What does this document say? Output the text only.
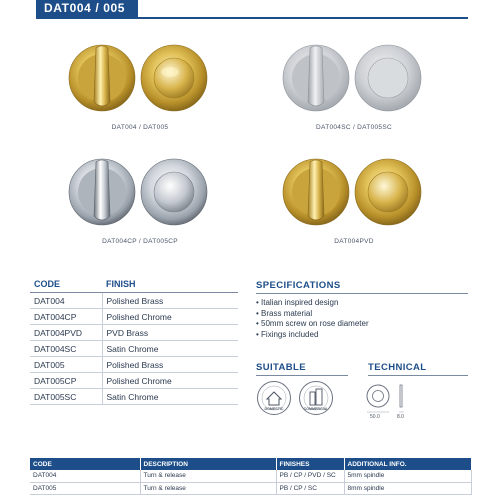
DAT004 / 005
DAT004 / DAT005	DAT004SC / DAT005SC
DAT004CP / DAT005CP	DAT004PVD
CODE	FINISH
DAT004	Polished Brass
DAT004CP	Polished Chrome
DAT004PVD	PVD Brass
DAT004SC	Satin Chrome
DAT005	Polished Brass
DAT005CP	Polished Chrome
DAT005SC	Satin Chrome
SPECIFICATIONS
• Italian inspired design
• Brass material
• 50mm screw on rose diameter
• Fixings included
SUITABLE
DOMESTIC	COMMERCIAL
TECHNICAL
50.0	8.0
CODE	DESCRIPTION	FINISHES	ADDITIONAL INFO.
DAT004	Turn & release	PB / CP / PVD / SC	5mm spindle
DAT005	Turn & release	PB / CP / SC	8mm spindle
